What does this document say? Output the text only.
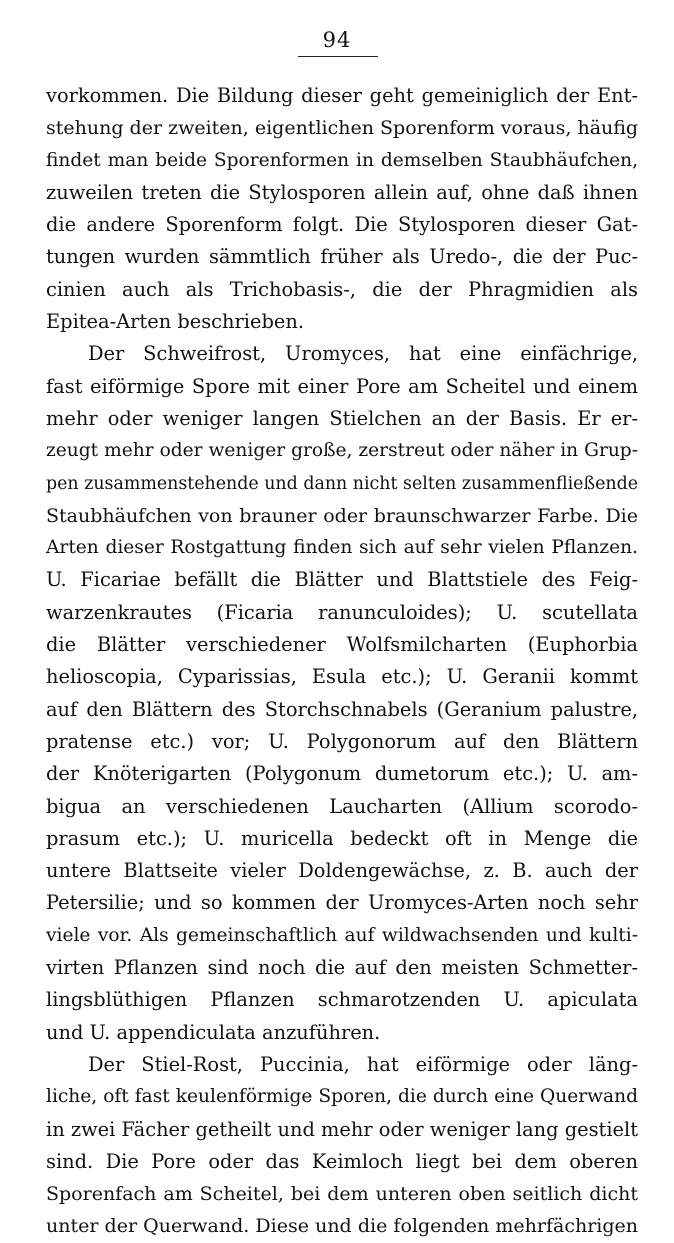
94
vorkommen. Die Bildung dieser geht gemeiniglich der Ent-
stehung der zweiten, eigentlichen Sporenform voraus, häufig
findet man beide Sporenformen in demselben Staubhäufchen,
zuweilen treten die Stylosporen allein auf, ohne daß ihnen
die andere Sporenform folgt. Die Stylosporen dieser Gat-
tungen wurden sämmtlich früher als Uredo-, die der Puc-
cinien auch als Trichobasis-, die der Phragmidien als
Epitea-Arten beschrieben.
Der Schweifrost, Uromyces, hat eine einfächrige,
fast eiförmige Spore mit einer Pore am Scheitel und einem
mehr oder weniger langen Stielchen an der Basis. Er er-
zeugt mehr oder weniger große, zerstreut oder näher in Grup-
pen zusammenstehende und dann nicht selten zusammenfließende
Staubhäufchen von brauner oder braunschwarzer Farbe. Die
Arten dieser Rostgattung finden sich auf sehr vielen Pflanzen.
U. Ficariae befällt die Blätter und Blattstiele des Feig-
warzenkrautes (Ficaria ranunculoides); U. scutellata
die Blätter verschiedener Wolfsmilcharten (Euphorbia
helioscopia, Cyparissias, Esula etc.); U. Geranii kommt
auf den Blättern des Storchschnabels (Geranium palustre,
pratense etc.) vor; U. Polygonorum auf den Blättern
der Knöterigarten (Polygonum dumetorum etc.); U. am-
bigua an verschiedenen Laucharten (Allium scorodo-
prasum etc.); U. muricella bedeckt oft in Menge die
untere Blattseite vieler Doldengewächse, z. B. auch der
Petersilie; und so kommen der Uromyces-Arten noch sehr
viele vor. Als gemeinschaftlich auf wildwachsenden und kulti-
virten Pflanzen sind noch die auf den meisten Schmetter-
lingsblüthigen Pflanzen schmarotzenden U. apiculata
und U. appendiculata anzuführen.
Der Stiel-Rost, Puccinia, hat eiförmige oder läng-
liche, oft fast keulenförmige Sporen, die durch eine Querwand
in zwei Fächer getheilt und mehr oder weniger lang gestielt
sind. Die Pore oder das Keimloch liegt bei dem oberen
Sporenfach am Scheitel, bei dem unteren oben seitlich dicht
unter der Querwand. Diese und die folgenden mehrfächrigen
